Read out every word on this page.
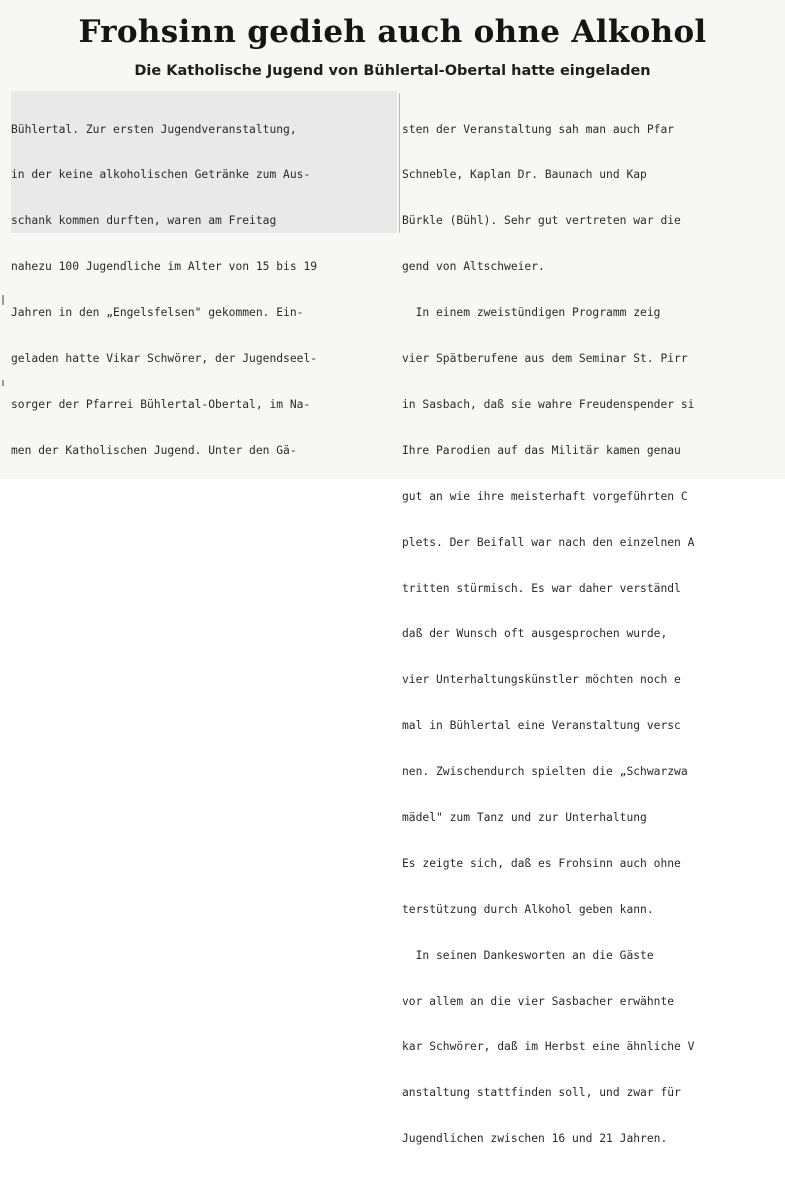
Frohsinn gedieh auch ohne Alkohol
Die Katholische Jugend von Bühlertal-Obertal hatte eingeladen

Bühlertal. Zur ersten Jugendveranstaltung,

in der keine alkoholischen Getränke zum Aus-

schank kommen durften, waren am Freitag

nahezu 100 Jugendliche im Alter von 15 bis 19

Jahren in den „Engelsfelsen" gekommen. Ein-

geladen hatte Vikar Schwörer, der Jugendseel-

sorger der Pfarrei Bühlertal-Obertal, im Na-

men der Katholischen Jugend. Unter den Gä-

sten der Veranstaltung sah man auch Pfar

Schneble, Kaplan Dr. Baunach und Kap

Bürkle (Bühl). Sehr gut vertreten war die

gend von Altschweier.

In einem zweistündigen Programm zeig

vier Spätberufene aus dem Seminar St. Pirr

in Sasbach, daß sie wahre Freudenspender si

Ihre Parodien auf das Militär kamen genau

gut an wie ihre meisterhaft vorgeführten C

plets. Der Beifall war nach den einzelnen A

tritten stürmisch. Es war daher verständl

daß der Wunsch oft ausgesprochen wurde,

vier Unterhaltungskünstler möchten noch e

mal in Bühlertal eine Veranstaltung versc

nen. Zwischendurch spielten die „Schwarzwa

mädel" zum Tanz und zur Unterhaltung

Es zeigte sich, daß es Frohsinn auch ohne

terstützung durch Alkohol geben kann.

In seinen Dankesworten an die Gäste

vor allem an die vier Sasbacher erwähnte

kar Schwörer, daß im Herbst eine ähnliche V

anstaltung stattfinden soll, und zwar für

Jugendlichen zwischen 16 und 21 Jahren.
